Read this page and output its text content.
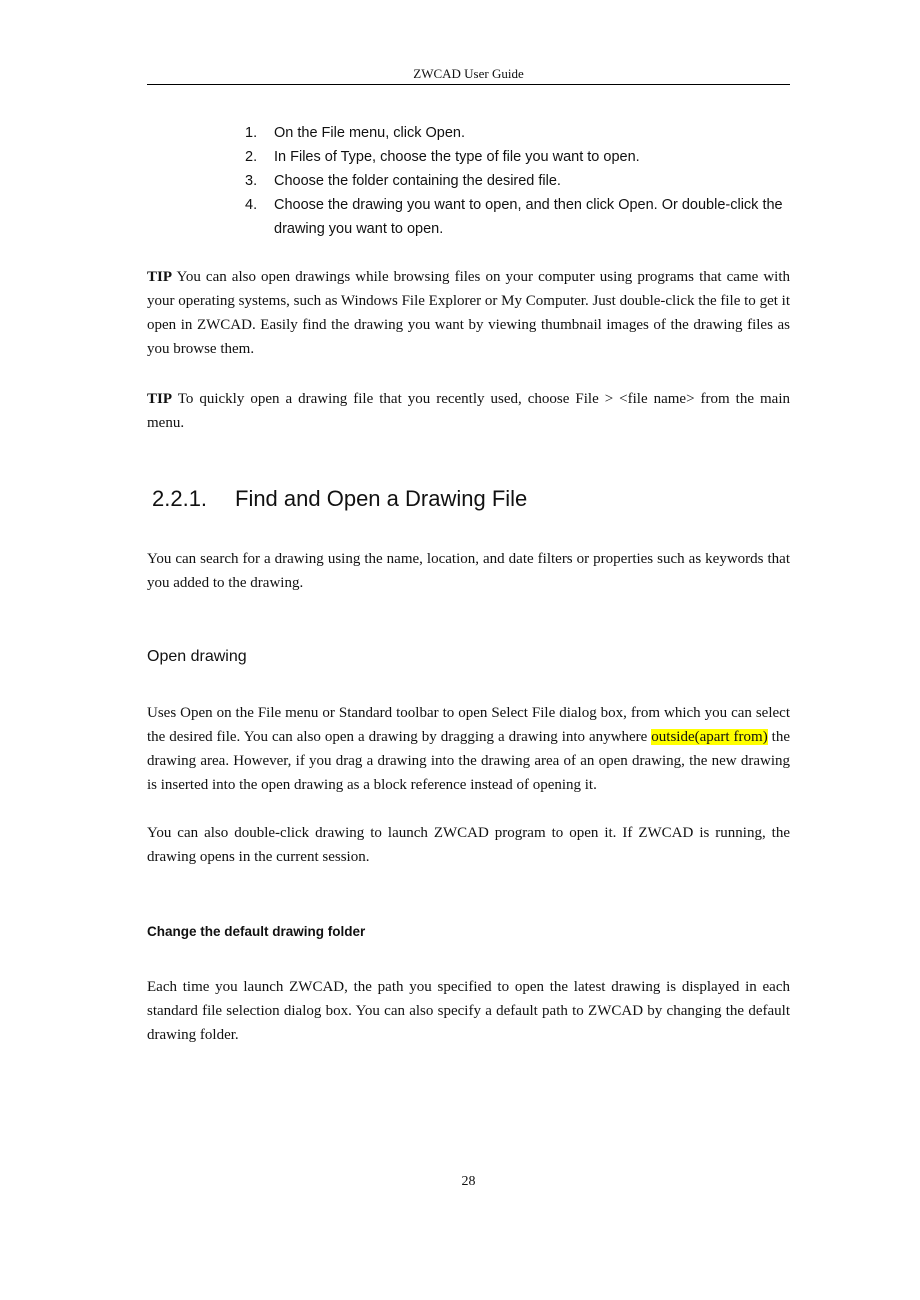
ZWCAD User Guide
1. On the File menu, click Open.
2. In Files of Type, choose the type of file you want to open.
3. Choose the folder containing the desired file.
4. Choose the drawing you want to open, and then click Open. Or double-click the drawing you want to open.

TIP You can also open drawings while browsing files on your computer using programs that came with your operating systems, such as Windows File Explorer or My Computer. Just double-click the file to get it open in ZWCAD. Easily find the drawing you want by viewing thumbnail images of the drawing files as you browse them.

TIP To quickly open a drawing file that you recently used, choose File > <file name> from the main menu.

2.2.1. Find and Open a Drawing File

You can search for a drawing using the name, location, and date filters or properties such as keywords that you added to the drawing.

Open drawing

Uses Open on the File menu or Standard toolbar to open Select File dialog box, from which you can select the desired file. You can also open a drawing by dragging a drawing into anywhere outside(apart from) the drawing area. However, if you drag a drawing into the drawing area of an open drawing, the new drawing is inserted into the open drawing as a block reference instead of opening it.

You can also double-click drawing to launch ZWCAD program to open it. If ZWCAD is running, the drawing opens in the current session.

Change the default drawing folder

Each time you launch ZWCAD, the path you specified to open the latest drawing is displayed in each standard file selection dialog box. You can also specify a default path to ZWCAD by changing the default drawing folder.

28
